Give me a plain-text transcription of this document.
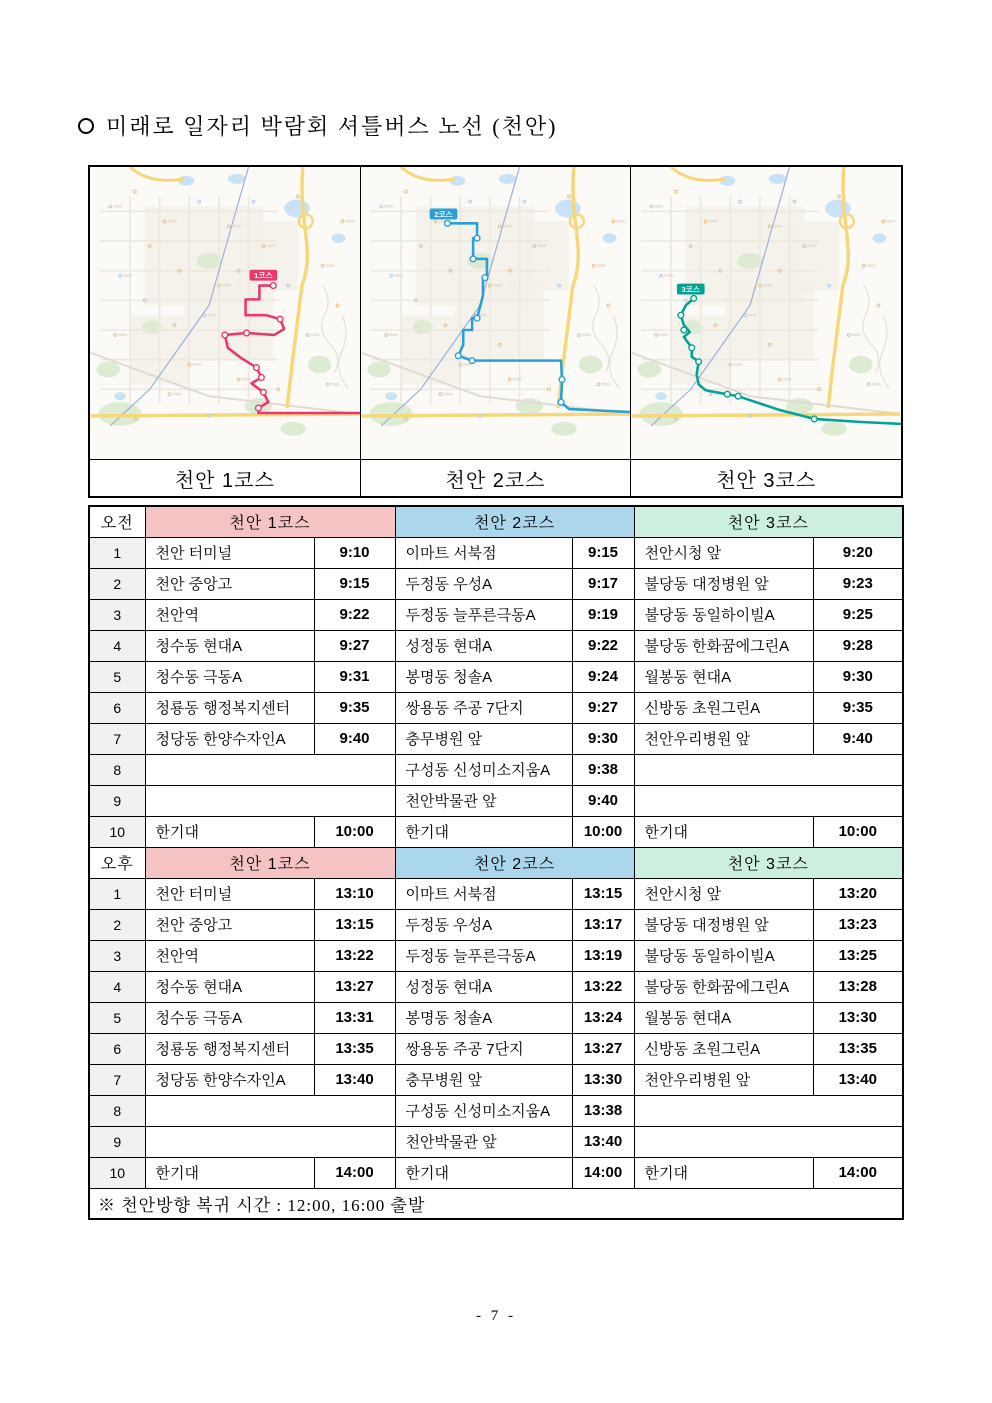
미래로 일자리 박람회 셔틀버스 노선 (천안)
1코스
천안 1코스
2코스
천안 2코스
3코스
천안 3코스
오전	천안 1코스		천안 2코스		천안 3코스	
1	천안 터미널	9:10	이마트 서북점	9:15	천안시청 앞	9:20
2	천안 중앙고	9:15	두정동 우성A	9:17	불당동 대정병원 앞	9:23
3	천안역	9:22	두정동 늘푸른극동A	9:19	불당동 동일하이빌A	9:25
4	청수동 현대A	9:27	성정동 현대A	9:22	불당동 한화꿈에그린A	9:28
5	청수동 극동A	9:31	봉명동 청솔A	9:24	월봉동 현대A	9:30
6	청룡동 행정복지센터	9:35	쌍용동 주공 7단지	9:27	신방동 초원그린A	9:35
7	청당동 한양수자인A	9:40	충무병원 앞	9:30	천안우리병원 앞	9:40
8			구성동 신성미소지움A	9:38		
9			천안박물관 앞	9:40		
10	한기대	10:00	한기대	10:00	한기대	10:00
오후	천안 1코스		천안 2코스		천안 3코스	
1	천안 터미널	13:10	이마트 서북점	13:15	천안시청 앞	13:20
2	천안 중앙고	13:15	두정동 우성A	13:17	불당동 대정병원 앞	13:23
3	천안역	13:22	두정동 늘푸른극동A	13:19	불당동 동일하이빌A	13:25
4	청수동 현대A	13:27	성정동 현대A	13:22	불당동 한화꿈에그린A	13:28
5	청수동 극동A	13:31	봉명동 청솔A	13:24	월봉동 현대A	13:30
6	청룡동 행정복지센터	13:35	쌍용동 주공 7단지	13:27	신방동 초원그린A	13:35
7	청당동 한양수자인A	13:40	충무병원 앞	13:30	천안우리병원 앞	13:40
8			구성동 신성미소지움A	13:38		
9			천안박물관 앞	13:40		
10	한기대	14:00	한기대	14:00	한기대	14:00
※ 천안방향 복귀 시간 : 12:00, 16:00 출발						
- 7 -
